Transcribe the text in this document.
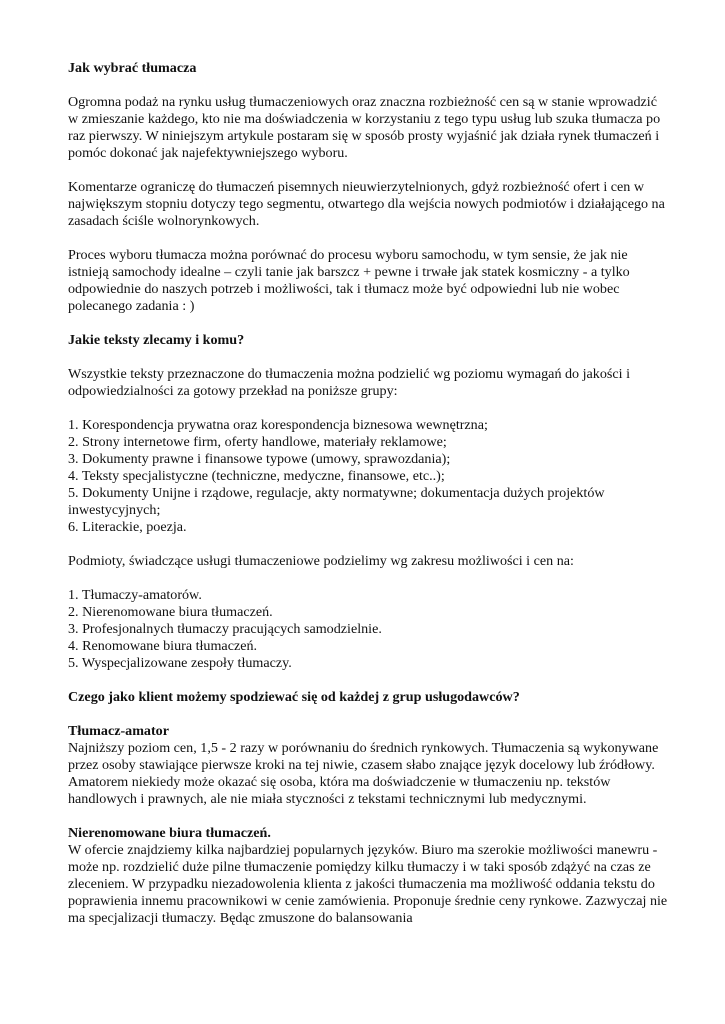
Jak wybrać tłumacza

Ogromna podaż na rynku usług tłumaczeniowych oraz znaczna rozbieżność cen są w stanie wprowadzić w zmieszanie każdego, kto nie ma doświadczenia w korzystaniu z tego typu usług lub szuka tłumacza po raz pierwszy. W niniejszym artykule postaram się w sposób prosty wyjaśnić jak działa rynek tłumaczeń i pomóc dokonać jak najefektywniejszego wyboru.

Komentarze ograniczę do tłumaczeń pisemnych nieuwierzytelnionych, gdyż rozbieżność ofert i cen w największym stopniu dotyczy tego segmentu, otwartego dla wejścia nowych podmiotów i działającego na zasadach ściśle wolnorynkowych.

Proces wyboru tłumacza można porównać do procesu wyboru samochodu, w tym sensie, że jak nie istnieją samochody idealne – czyli tanie jak barszcz + pewne i trwałe jak statek kosmiczny - a tylko odpowiednie do naszych potrzeb i możliwości, tak i tłumacz może być odpowiedni lub nie wobec polecanego zadania : )

Jakie teksty zlecamy i komu?

Wszystkie teksty przeznaczone do tłumaczenia można podzielić wg poziomu wymagań do jakości i odpowiedzialności za gotowy przekład na poniższe grupy:

1. Korespondencja prywatna oraz korespondencja biznesowa wewnętrzna;
2. Strony internetowe firm, oferty handlowe, materiały reklamowe;
3. Dokumenty prawne i finansowe typowe (umowy, sprawozdania);
4. Teksty specjalistyczne (techniczne, medyczne, finansowe, etc..);
5. Dokumenty Unijne i rządowe, regulacje, akty normatywne; dokumentacja dużych projektów inwestycyjnych;
6. Literackie, poezja.

Podmioty, świadczące usługi tłumaczeniowe podzielimy wg zakresu możliwości i cen na:

1. Tłumaczy-amatorów.
2. Nierenomowane biura tłumaczeń.
3. Profesjonalnych tłumaczy pracujących samodzielnie.
4. Renomowane biura tłumaczeń.
5. Wyspecjalizowane zespoły tłumaczy.

Czego jako klient możemy spodziewać się od każdej z grup usługodawców?

Tłumacz-amator

Najniższy poziom cen, 1,5 - 2 razy w porównaniu do średnich rynkowych. Tłumaczenia są wykonywane przez osoby stawiające pierwsze kroki na tej niwie, czasem słabo znające język docelowy lub źródłowy. Amatorem niekiedy może okazać się osoba, która ma doświadczenie w tłumaczeniu np. tekstów handlowych i prawnych, ale nie miała styczności z tekstami technicznymi lub medycznymi.

Nierenomowane biura tłumaczeń.

W ofercie znajdziemy kilka najbardziej popularnych języków. Biuro ma szerokie możliwości manewru - może np. rozdzielić duże pilne tłumaczenie pomiędzy kilku tłumaczy i w taki sposób zdążyć na czas ze zleceniem. W przypadku niezadowolenia klienta z jakości tłumaczenia ma możliwość oddania tekstu do poprawienia innemu pracownikowi w cenie zamówienia. Proponuje średnie ceny rynkowe. Zazwyczaj nie ma specjalizacji tłumaczy. Będąc zmuszone do balansowania
